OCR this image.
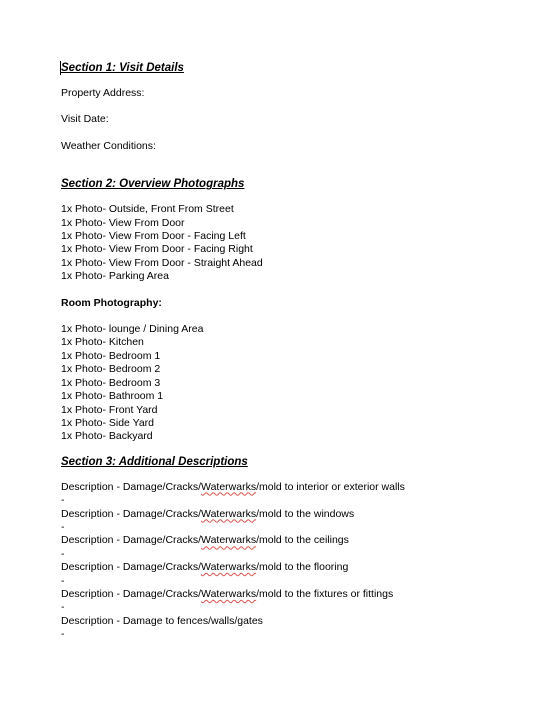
Section 1: Visit Details

Property Address:

Visit Date:

Weather Conditions:

Section 2: Overview Photographs

1x Photo- Outside, Front From Street

1x Photo- View From Door

1x Photo- View From Door - Facing Left

1x Photo- View From Door - Facing Right

1x Photo- View From Door - Straight Ahead

1x Photo- Parking Area

Room Photography:

1x Photo- lounge / Dining Area

1x Photo- Kitchen

1x Photo- Bedroom 1

1x Photo- Bedroom 2

1x Photo- Bedroom 3

1x Photo- Bathroom 1

1x Photo- Front Yard

1x Photo- Side Yard

1x Photo- Backyard

Section 3: Additional Descriptions

Description - Damage/Cracks/Waterwarks/mold to interior or exterior walls

-

Description - Damage/Cracks/Waterwarks/mold to the windows

-

Description - Damage/Cracks/Waterwarks/mold to the ceilings

-

Description - Damage/Cracks/Waterwarks/mold to the flooring

-

Description - Damage/Cracks/Waterwarks/mold to the fixtures or fittings

-

Description - Damage to fences/walls/gates

-
